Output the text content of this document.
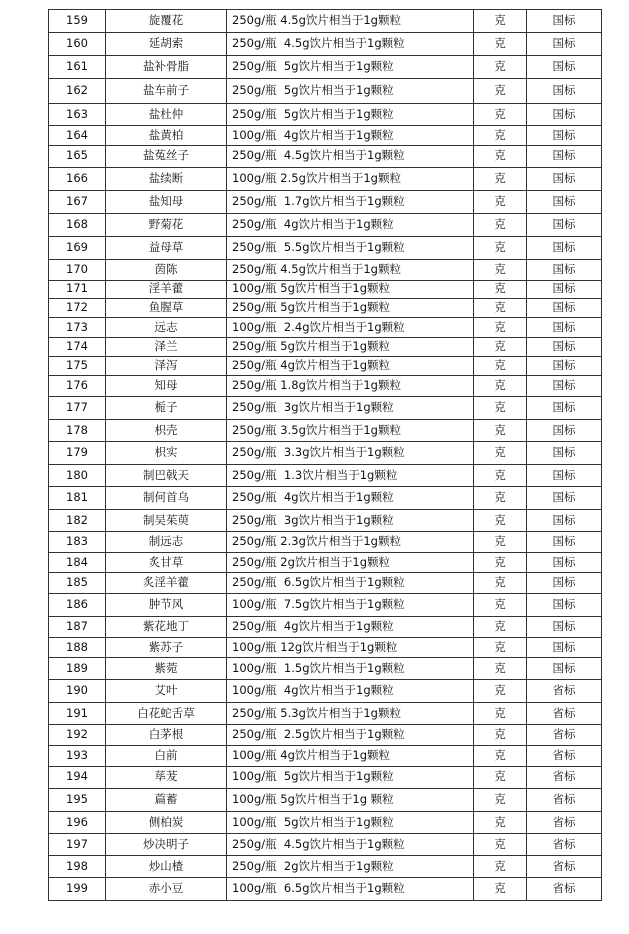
159	旋覆花	250g/瓶 4.5g饮片相当于1g颗粒	克	国标
160	延胡索	250g/瓶  4.5g饮片相当于1g颗粒	克	国标
161	盐补骨脂	250g/瓶  5g饮片相当于1g颗粒	克	国标
162	盐车前子	250g/瓶  5g饮片相当于1g颗粒	克	国标
163	盐杜仲	250g/瓶  5g饮片相当于1g颗粒	克	国标
164	盐黄柏	100g/瓶  4g饮片相当于1g颗粒	克	国标
165	盐菟丝子	250g/瓶  4.5g饮片相当于1g颗粒	克	国标
166	盐续断	100g/瓶 2.5g饮片相当于1g颗粒	克	国标
167	盐知母	250g/瓶  1.7g饮片相当于1g颗粒	克	国标
168	野菊花	250g/瓶  4g饮片相当于1g颗粒	克	国标
169	益母草	250g/瓶  5.5g饮片相当于1g颗粒	克	国标
170	茵陈	250g/瓶 4.5g饮片相当于1g颗粒	克	国标
171	淫羊藿	100g/瓶 5g饮片相当于1g颗粒	克	国标
172	鱼腥草	250g/瓶 5g饮片相当于1g颗粒	克	国标
173	远志	100g/瓶  2.4g饮片相当于1g颗粒	克	国标
174	泽兰	250g/瓶 5g饮片相当于1g颗粒	克	国标
175	泽泻	250g/瓶 4g饮片相当于1g颗粒	克	国标
176	知母	250g/瓶 1.8g饮片相当于1g颗粒	克	国标
177	栀子	250g/瓶  3g饮片相当于1g颗粒	克	国标
178	枳壳	250g/瓶 3.5g饮片相当于1g颗粒	克	国标
179	枳实	250g/瓶  3.3g饮片相当于1g颗粒	克	国标
180	制巴戟天	250g/瓶  1.3饮片相当于1g颗粒	克	国标
181	制何首乌	250g/瓶  4g饮片相当于1g颗粒	克	国标
182	制吴茱萸	250g/瓶  3g饮片相当于1g颗粒	克	国标
183	制远志	250g/瓶 2.3g饮片相当于1g颗粒	克	国标
184	炙甘草	250g/瓶 2g饮片相当于1g颗粒	克	国标
185	炙淫羊藿	250g/瓶  6.5g饮片相当于1g颗粒	克	国标
186	肿节风	100g/瓶  7.5g饮片相当于1g颗粒	克	国标
187	紫花地丁	250g/瓶  4g饮片相当于1g颗粒	克	国标
188	紫苏子	100g/瓶 12g饮片相当于1g颗粒	克	国标
189	紫菀	100g/瓶  1.5g饮片相当于1g颗粒	克	国标
190	艾叶	100g/瓶  4g饮片相当于1g颗粒	克	省标
191	白花蛇舌草	250g/瓶 5.3g饮片相当于1g颗粒	克	省标
192	白茅根	250g/瓶  2.5g饮片相当于1g颗粒	克	省标
193	白前	100g/瓶 4g饮片相当于1g颗粒	克	省标
194	荜茇	100g/瓶  5g饮片相当于1g颗粒	克	省标
195	萹蓄	100g/瓶 5g饮片相当于1g 颗粒	克	省标
196	侧柏炭	100g/瓶  5g饮片相当于1g颗粒	克	省标
197	炒决明子	250g/瓶  4.5g饮片相当于1g颗粒	克	省标
198	炒山楂	250g/瓶  2g饮片相当于1g颗粒	克	省标
199	赤小豆	100g/瓶  6.5g饮片相当于1g颗粒	克	省标
